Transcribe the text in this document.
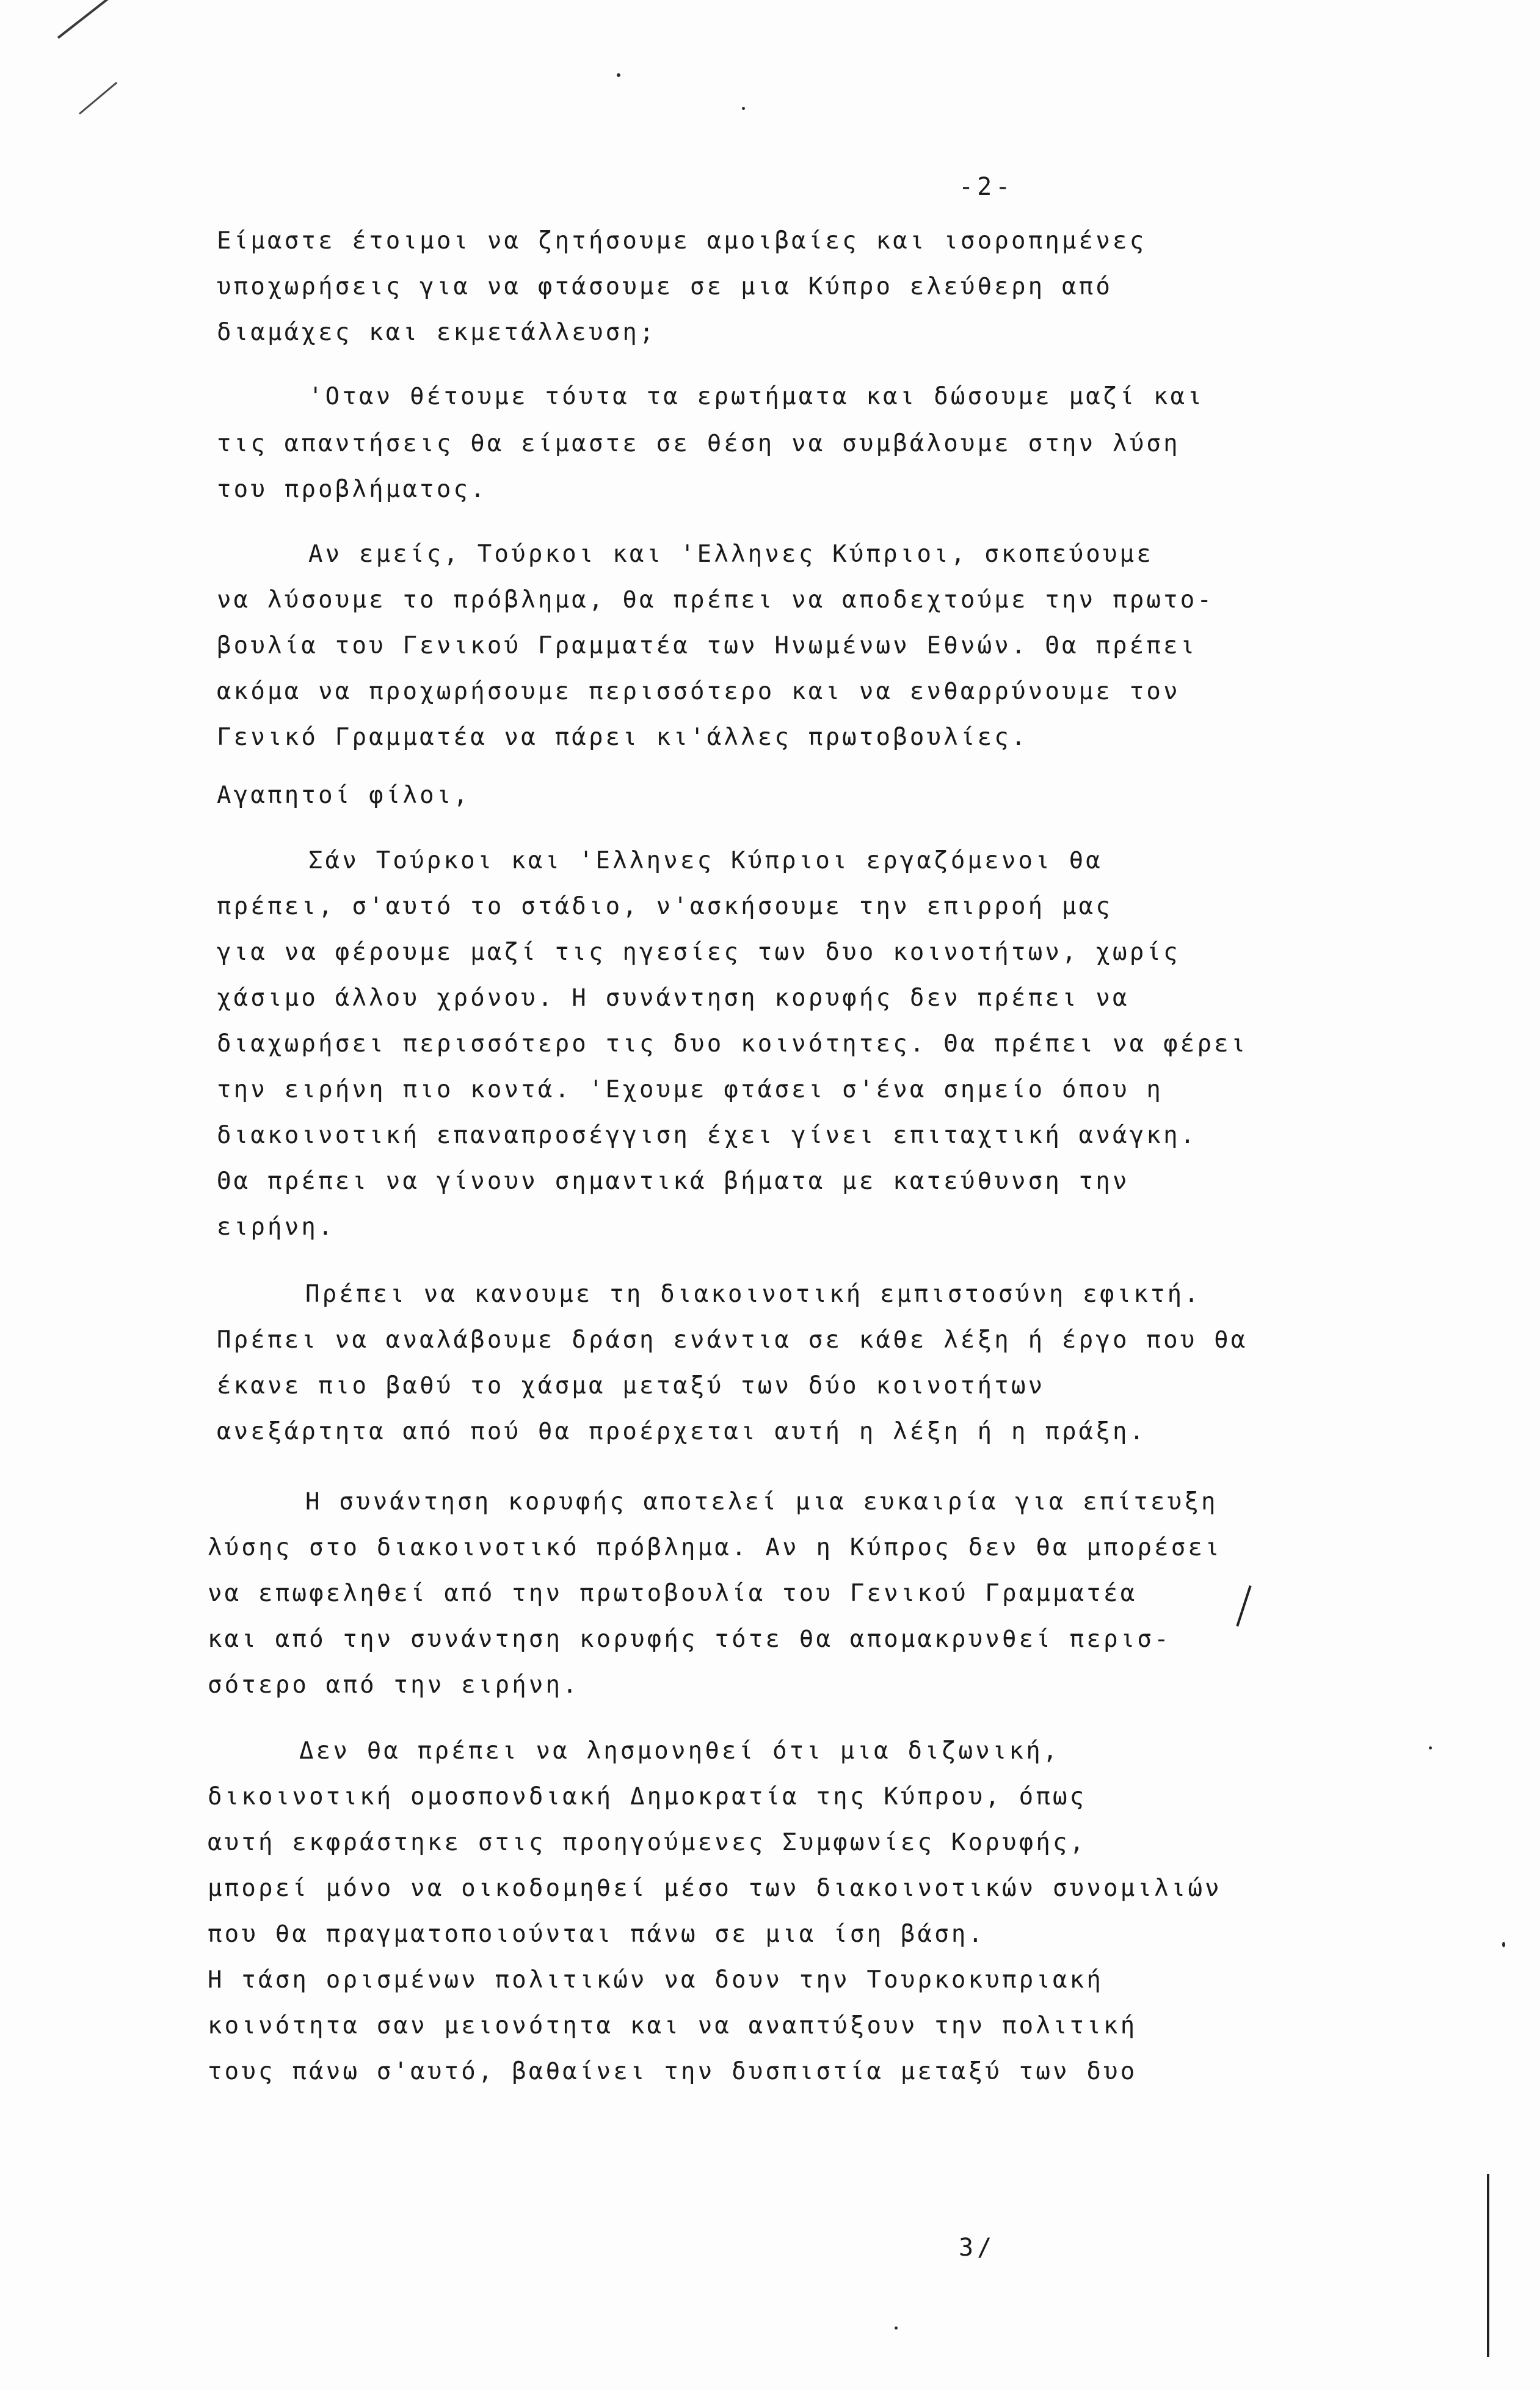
-2-
Είμαστε έτοιμοι να ζητήσουμε αμοιβαίες και ισοροπημένες
υποχωρήσεις για να φτάσουμε σε μια Κύπρο ελεύθερη από
διαμάχες και εκμετάλλευση;
'Οταν θέτουμε τόυτα τα ερωτήματα και δώσουμε μαζί και
τις απαντήσεις θα είμαστε σε θέση να συμβάλουμε στην λύση
του προβλήματος.
Αν εμείς, Τούρκοι και 'Ελληνες Κύπριοι, σκοπεύουμε
να λύσουμε το πρόβλημα, θα πρέπει να αποδεχτούμε την πρωτο-
βουλία του Γενικού Γραμματέα των Ηνωμένων Εθνών. Θα πρέπει
ακόμα να προχωρήσουμε περισσότερο και να ενθαρρύνουμε τον
Γενικό Γραμματέα να πάρει κι'άλλες πρωτοβουλίες.
Αγαπητοί φίλοι,
Σάν Τούρκοι και 'Ελληνες Κύπριοι εργαζόμενοι θα
πρέπει, σ'αυτό το στάδιο, ν'ασκήσουμε την επιρροή μας
για να φέρουμε μαζί τις ηγεσίες των δυο κοινοτήτων, χωρίς
χάσιμο άλλου χρόνου. Η συνάντηση κορυφής δεν πρέπει να
διαχωρήσει περισσότερο τις δυο κοινότητες. Θα πρέπει να φέρει
την ειρήνη πιο κοντά. 'Εχουμε φτάσει σ'ένα σημείο όπου η
διακοινοτική επαναπροσέγγιση έχει γίνει επιταχτική ανάγκη.
Θα πρέπει να γίνουν σημαντικά βήματα με κατεύθυνση την
ειρήνη.
Πρέπει να κανουμε τη διακοινοτική εμπιστοσύνη εφικτή.
Πρέπει να αναλάβουμε δράση ενάντια σε κάθε λέξη ή έργο που θα
έκανε πιο βαθύ το χάσμα μεταξύ των δύο κοινοτήτων
ανεξάρτητα από πού θα προέρχεται αυτή η λέξη ή η πράξη.
Η συνάντηση κορυφής αποτελεί μια ευκαιρία για επίτευξη
λύσης στο διακοινοτικό πρόβλημα. Αν η Κύπρος δεν θα μπορέσει
να επωφεληθεί από την πρωτοβουλία του Γενικού Γραμματέα
και από την συνάντηση κορυφής τότε θα απομακρυνθεί περισ-
σότερο από την ειρήνη.
Δεν θα πρέπει να λησμονηθεί ότι μια διζωνική,
δικοινοτική ομοσπονδιακή Δημοκρατία της Κύπρου, όπως
αυτή εκφράστηκε στις προηγούμενες Συμφωνίες Κορυφής,
μπορεί μόνο να οικοδομηθεί μέσο των διακοινοτικών συνομιλιών
που θα πραγματοποιούνται πάνω σε μια ίση βάση.
Η τάση ορισμένων πολιτικών να δουν την Τουρκοκυπριακή
κοινότητα σαν μειονότητα και να αναπτύξουν την πολιτική
τους πάνω σ'αυτό, βαθαίνει την δυσπιστία μεταξύ των δυο
3/
